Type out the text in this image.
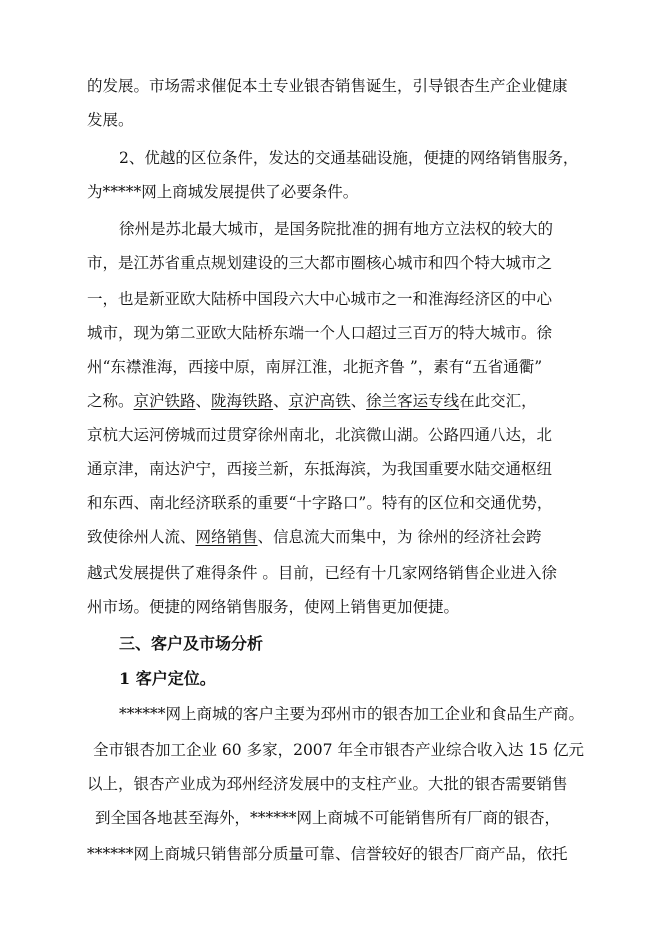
的发展。市场需求催促本土专业银杏销售诞生，引导银杏生产企业健康
发展。
2、优越的区位条件，发达的交通基础设施，便捷的网络销售服务，
为*****网上商城发展提供了必要条件。
徐州是苏北最大城市，是国务院批准的拥有地方立法权的较大的
市，是江苏省重点规划建设的三大都市圈核心城市和四个特大城市之
一，也是新亚欧大陆桥中国段六大中心城市之一和淮海经济区的中心
城市，现为第二亚欧大陆桥东端一个人口超过三百万的特大城市。徐
州“东襟淮海，西接中原，南屏江淮，北扼齐鲁 ”，素有“五省通衢”
之称。京沪铁路、陇海铁路、京沪高铁、徐兰客运专线在此交汇，
京杭大运河傍城而过贯穿徐州南北，北滨微山湖。公路四通八达，北
通京津，南达沪宁，西接兰新，东抵海滨，为我国重要水陆交通枢纽
和东西、南北经济联系的重要“十字路口”。特有的区位和交通优势，
致使徐州人流、网络销售、信息流大而集中，为 徐州的经济社会跨
越式发展提供了难得条件 。目前，已经有十几家网络销售企业进入徐
州市场。便捷的网络销售服务，使网上销售更加便捷。
三、客户及市场分析
1 客户定位。
******网上商城的客户主要为邳州市的银杏加工企业和食品生产商。
全市银杏加工企业 60 多家，2007 年全市银杏产业综合收入达 15 亿元
以上，银杏产业成为邳州经济发展中的支柱产业。大批的银杏需要销售
到全国各地甚至海外，******网上商城不可能销售所有厂商的银杏，
******网上商城只销售部分质量可靠、信誉较好的银杏厂商产品，依托
